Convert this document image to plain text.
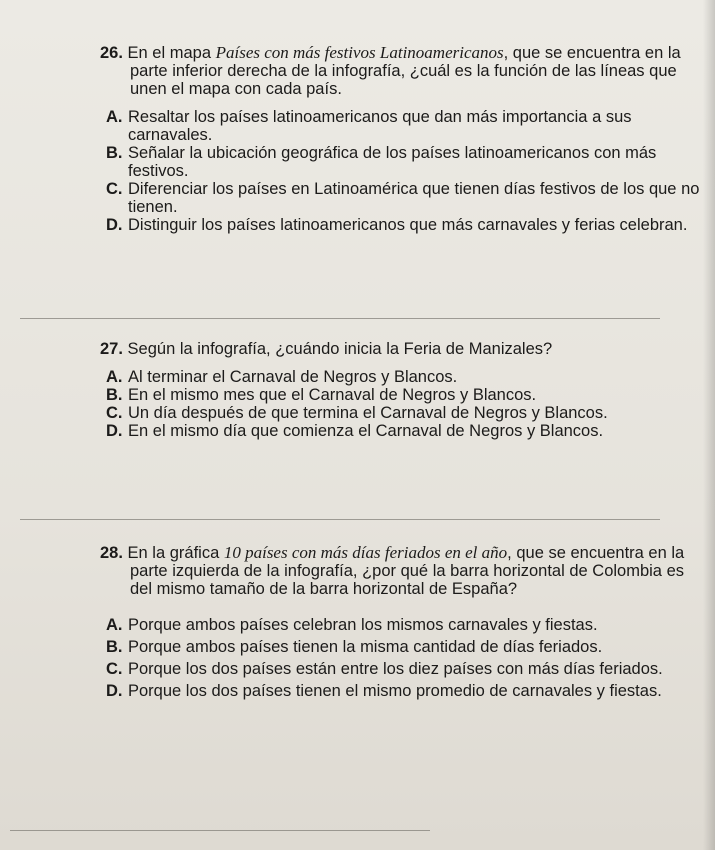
26. En el mapa Países con más festivos Latinoamericanos, que se encuentra en la parte inferior derecha de la infografía, ¿cuál es la función de las líneas que unen el mapa con cada país.

A. Resaltar los países latinoamericanos que dan más importancia a sus carnavales.

B. Señalar la ubicación geográfica de los países latinoamericanos con más festivos.

C. Diferenciar los países en Latinoamérica que tienen días festivos de los que no tienen.

D. Distinguir los países latinoamericanos que más carnavales y ferias celebran.

27. Según la infografía, ¿cuándo inicia la Feria de Manizales?

A. Al terminar el Carnaval de Negros y Blancos.

B. En el mismo mes que el Carnaval de Negros y Blancos.

C. Un día después de que termina el Carnaval de Negros y Blancos.

D. En el mismo día que comienza el Carnaval de Negros y Blancos.

28. En la gráfica 10 países con más días feriados en el año, que se encuentra en la parte izquierda de la infografía, ¿por qué la barra horizontal de Colombia es del mismo tamaño de la barra horizontal de España?

A. Porque ambos países celebran los mismos carnavales y fiestas.

B. Porque ambos países tienen la misma cantidad de días feriados.

C. Porque los dos países están entre los diez países con más días feriados.

D. Porque los dos países tienen el mismo promedio de carnavales y fiestas.
